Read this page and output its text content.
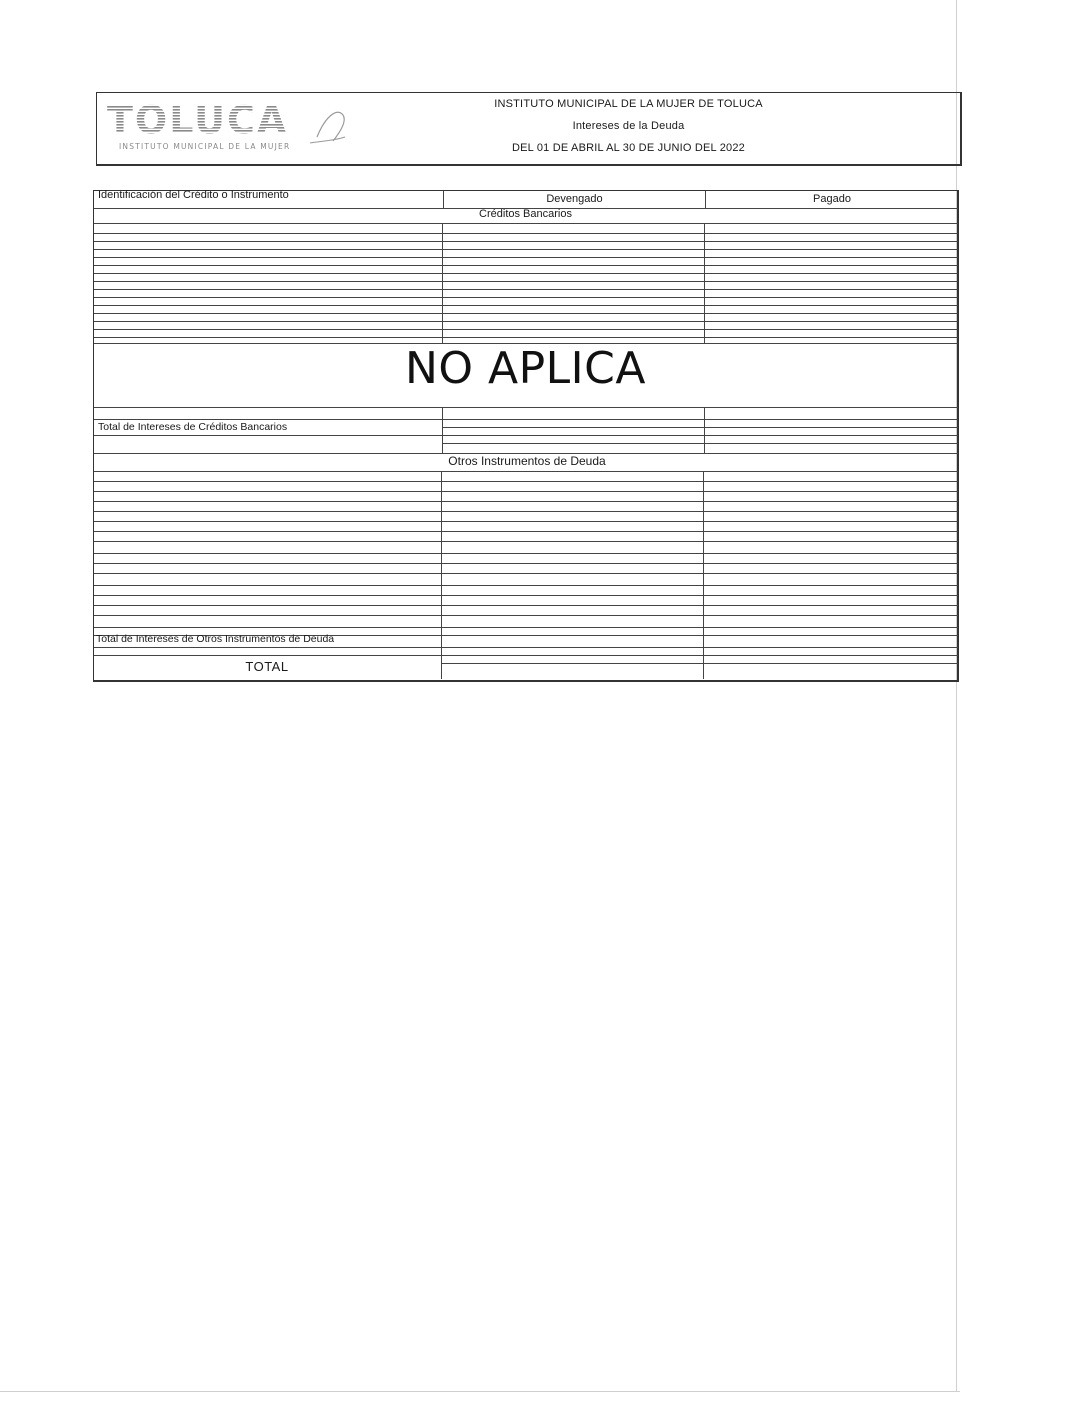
TOLUCA
INSTITUTO MUNICIPAL DE LA MUJER
INSTITUTO MUNICIPAL DE LA MUJER DE TOLUCA
Intereses de la Deuda
DEL 01 DE ABRIL AL 30 DE JUNIO DEL 2022
Identificación del Crédito o Instrumento	Devengado	Pagado
Créditos Bancarios
NO APLICA
Total de Intereses de Créditos Bancarios
Otros Instrumentos de Deuda
Total de Intereses de Otros Instrumentos de Deuda
TOTAL
